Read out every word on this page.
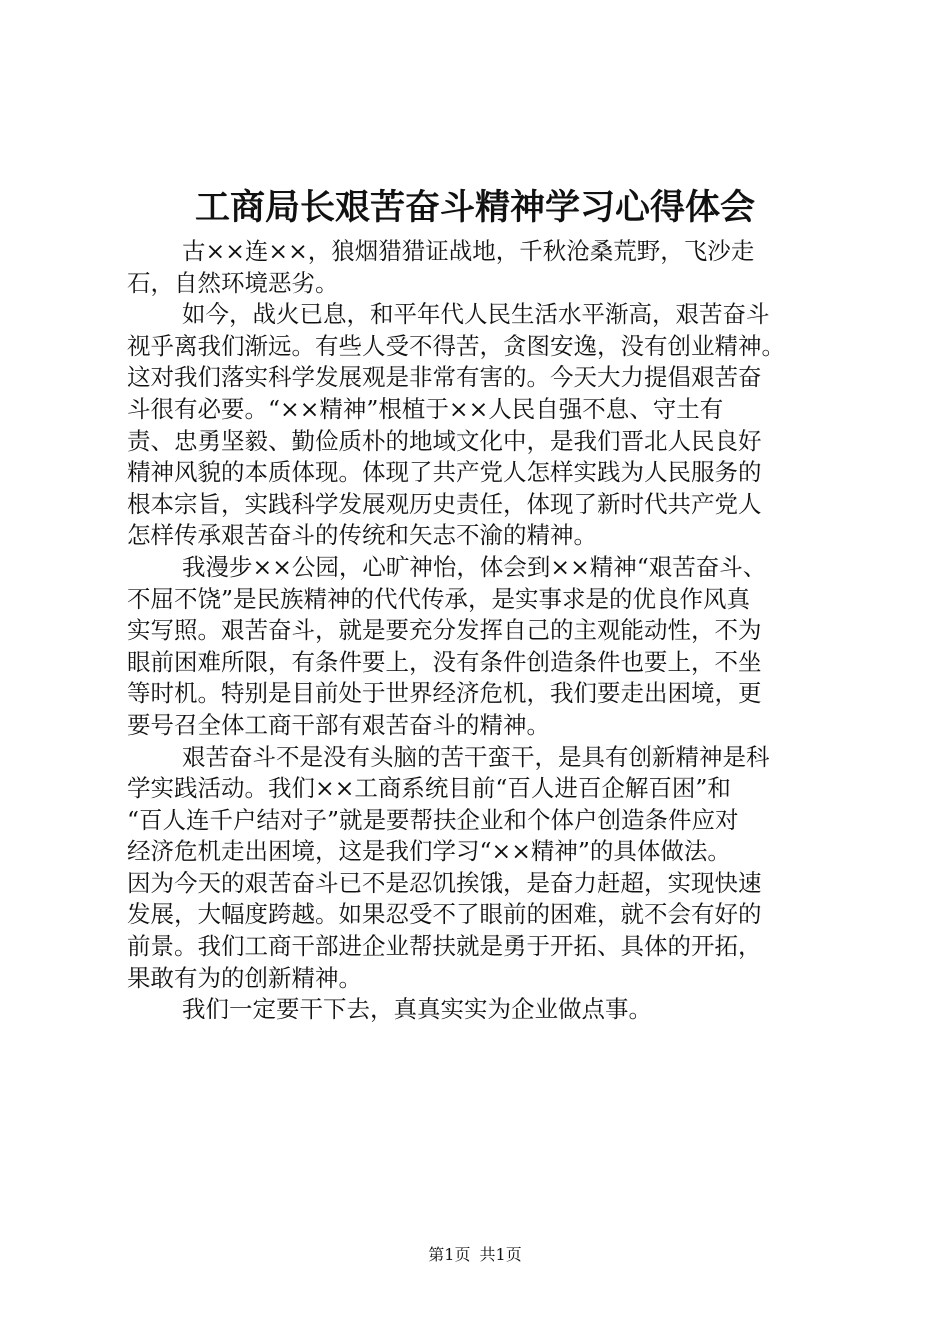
工商局长艰苦奋斗精神学习心得体会

古××连××，狼烟猎猎证战地，千秋沧桑荒野，飞沙走

石，自然环境恶劣。

如今，战火已息，和平年代人民生活水平渐高，艰苦奋斗

视乎离我们渐远。有些人受不得苦，贪图安逸，没有创业精神。

这对我们落实科学发展观是非常有害的。今天大力提倡艰苦奋

斗很有必要。“××精神”根植于××人民自强不息、守土有

责、忠勇坚毅、勤俭质朴的地域文化中，是我们晋北人民良好

精神风貌的本质体现。体现了共产党人怎样实践为人民服务的

根本宗旨，实践科学发展观历史责任，体现了新时代共产党人

怎样传承艰苦奋斗的传统和矢志不渝的精神。

我漫步××公园，心旷神怡，体会到××精神“艰苦奋斗、

不屈不饶”是民族精神的代代传承，是实事求是的优良作风真

实写照。艰苦奋斗，就是要充分发挥自己的主观能动性，不为

眼前困难所限，有条件要上，没有条件创造条件也要上，不坐

等时机。特别是目前处于世界经济危机，我们要走出困境，更

要号召全体工商干部有艰苦奋斗的精神。

艰苦奋斗不是没有头脑的苦干蛮干，是具有创新精神是科

学实践活动。我们××工商系统目前“百人进百企解百困”和

“百人连千户结对子”就是要帮扶企业和个体户创造条件应对

经济危机走出困境，这是我们学习“××精神”的具体做法。

因为今天的艰苦奋斗已不是忍饥挨饿，是奋力赶超，实现快速

发展，大幅度跨越。如果忍受不了眼前的困难，就不会有好的

前景。我们工商干部进企业帮扶就是勇于开拓、具体的开拓，

果敢有为的创新精神。

我们一定要干下去，真真实实为企业做点事。

第1页 共1页
